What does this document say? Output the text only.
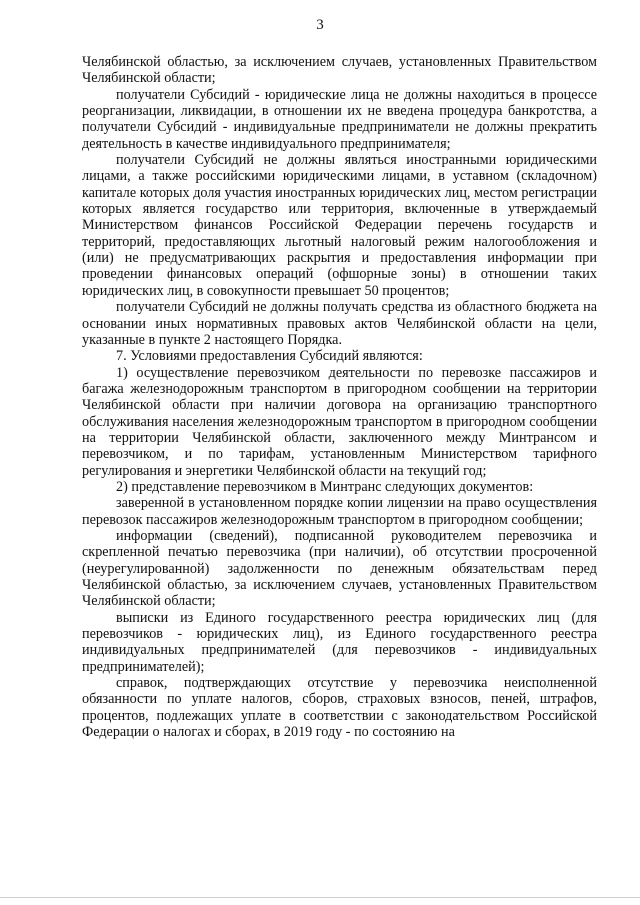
3

Челябинской областью, за исключением случаев, установленных Правительством Челябинской области;

получатели Субсидий - юридические лица не должны находиться в процессе реорганизации, ликвидации, в отношении их не введена процедура банкротства, а получатели Субсидий - индивидуальные предприниматели не должны прекратить деятельность в качестве индивидуального предпринимателя;

получатели Субсидий не должны являться иностранными юридическими лицами, а также российскими юридическими лицами, в уставном (складочном) капитале которых доля участия иностранных юридических лиц, местом регистрации которых является государство или территория, включенные в утверждаемый Министерством финансов Российской Федерации перечень государств и территорий, предоставляющих льготный налоговый режим налогообложения и (или) не предусматривающих раскрытия и предоставления информации при проведении финансовых операций (офшорные зоны) в отношении таких юридических лиц, в совокупности превышает 50 процентов;

получатели Субсидий не должны получать средства из областного бюджета на основании иных нормативных правовых актов Челябинской области на цели, указанные в пункте 2 настоящего Порядка.

7. Условиями предоставления Субсидий являются:

1) осуществление перевозчиком деятельности по перевозке пассажиров и багажа железнодорожным транспортом в пригородном сообщении на территории Челябинской области при наличии договора на организацию транспортного обслуживания населения железнодорожным транспортом в пригородном сообщении на территории Челябинской области, заключенного между Минтрансом и перевозчиком, и по тарифам, установленным Министерством тарифного регулирования и энергетики Челябинской области на текущий год;

2) представление перевозчиком в Минтранс следующих документов:

заверенной в установленном порядке копии лицензии на право осуществления перевозок пассажиров железнодорожным транспортом в пригородном сообщении;

информации (сведений), подписанной руководителем перевозчика и скрепленной печатью перевозчика (при наличии), об отсутствии просроченной (неурегулированной) задолженности по денежным обязательствам перед Челябинской областью, за исключением случаев, установленных Правительством Челябинской области;

выписки из Единого государственного реестра юридических лиц (для перевозчиков - юридических лиц), из Единого государственного реестра индивидуальных предпринимателей (для перевозчиков - индивидуальных предпринимателей);

справок, подтверждающих отсутствие у перевозчика неисполненной обязанности по уплате налогов, сборов, страховых взносов, пеней, штрафов, процентов, подлежащих уплате в соответствии с законодательством Российской Федерации о налогах и сборах, в 2019 году - по состоянию на
